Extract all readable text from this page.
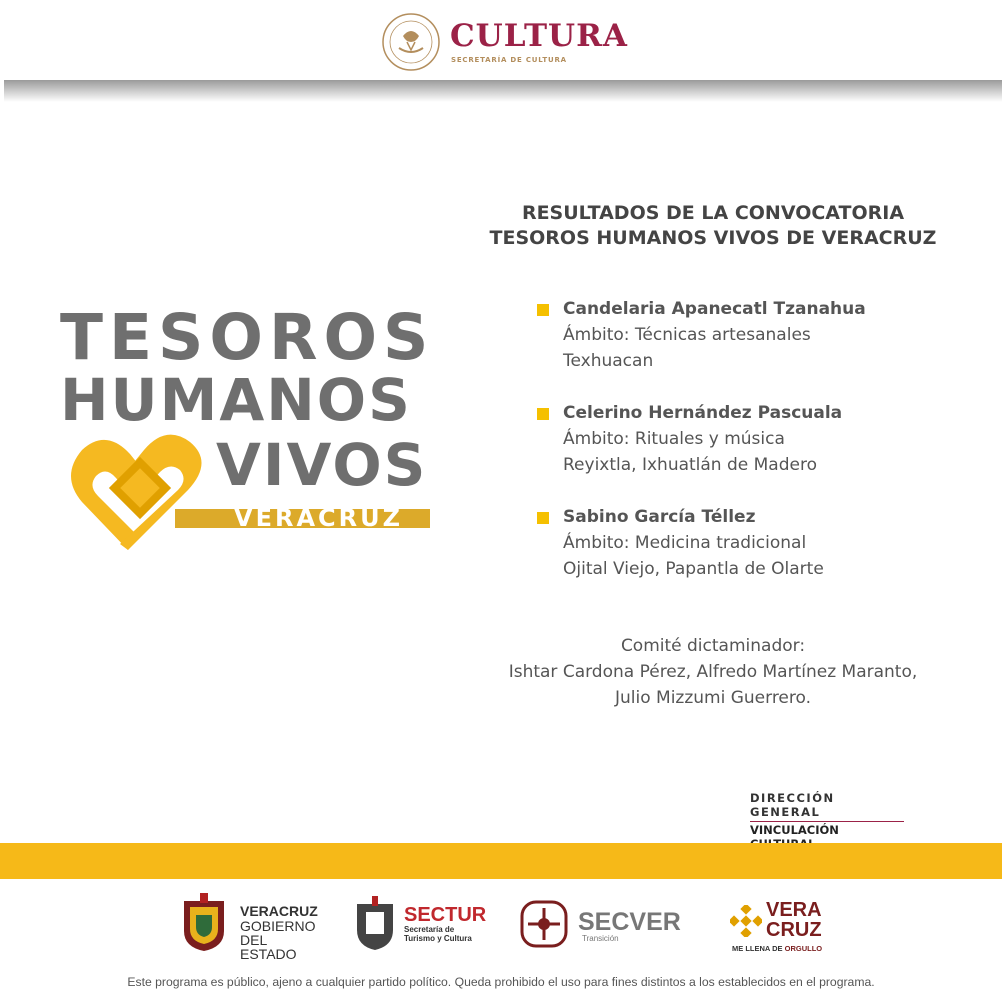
CULTURA
SECRETARÍA DE CULTURA
TESOROS
HUMANOS
VIVOS
VERACRUZ
RESULTADOS DE LA CONVOCATORIA
TESOROS HUMANOS VIVOS DE VERACRUZ
Candelaria Apanecatl Tzanahua
Ámbito: Técnicas artesanales
Texhuacan
Celerino Hernández Pascuala
Ámbito: Rituales y música
Reyixtla, Ixhuatlán de Madero
Sabino García Téllez
Ámbito: Medicina tradicional
Ojital Viejo, Papantla de Olarte
Comité dictaminador:
Ishtar Cardona Pérez, Alfredo Martínez Maranto,
Julio Mizzumi Guerrero.
DIRECCIÓN GENERAL
VINCULACIÓN
VERACRUZ
GOBIERNO
DEL ESTADO
SECTUR
Secretaría de
Turismo y Cultura
SECVER
Transición
VERA
CRUZ
ME LLENA DE ORGULLO
Este programa es público, ajeno a cualquier partido político. Queda prohibido el uso para fines distintos a los establecidos en el programa.
